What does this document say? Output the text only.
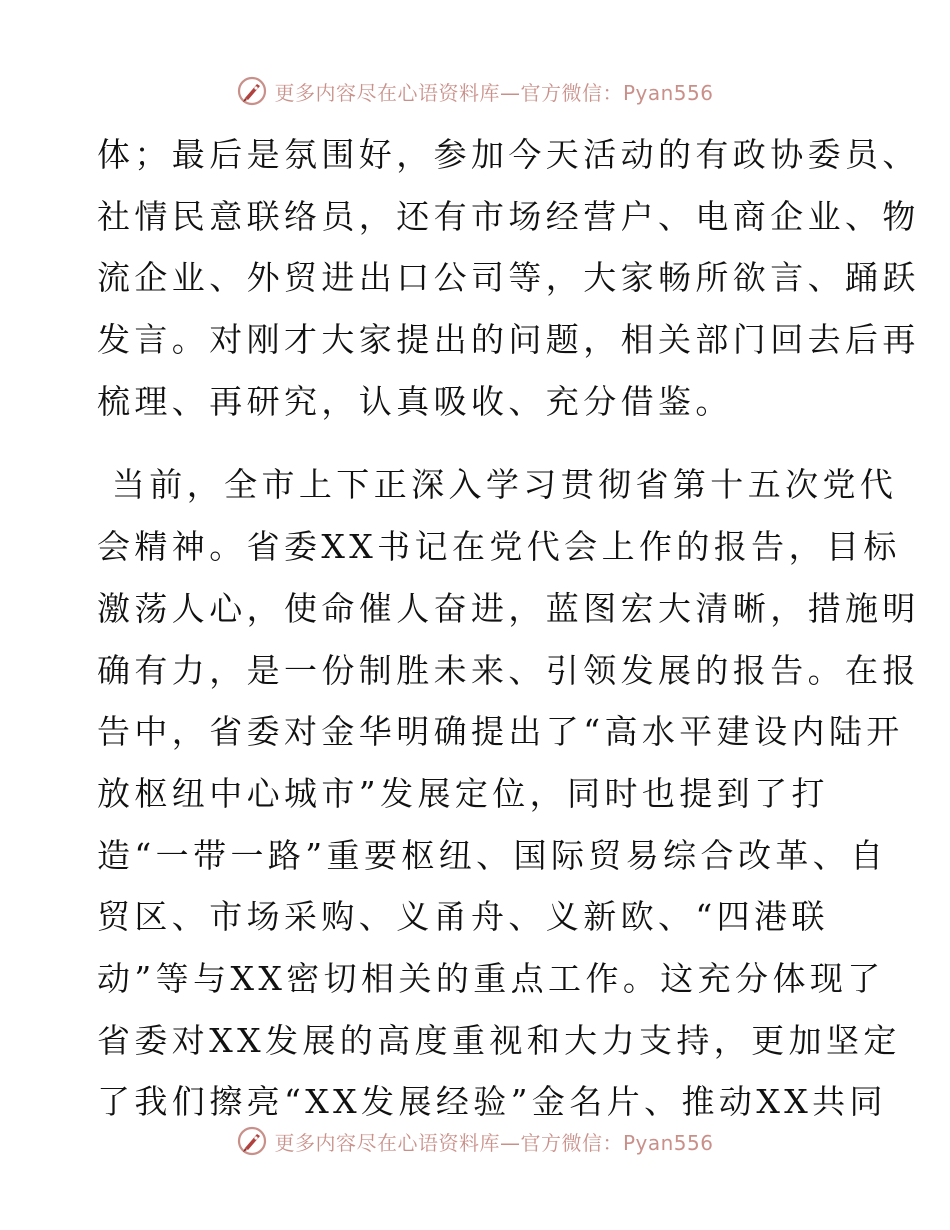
更多内容尽在心语资料库—官方微信：Pyan556
体；最后是氛围好，参加今天活动的有政协委员、
社情民意联络员，还有市场经营户、电商企业、物
流企业、外贸进出口公司等，大家畅所欲言、踊跃
发言。对刚才大家提出的问题，相关部门回去后再
梳理、再研究，认真吸收、充分借鉴。
当前，全市上下正深入学习贯彻省第十五次党代
会精神。省委XX书记在党代会上作的报告，目标
激荡人心，使命催人奋进，蓝图宏大清晰，措施明
确有力，是一份制胜未来、引领发展的报告。在报
告中，省委对金华明确提出了“高水平建设内陆开
放枢纽中心城市”发展定位，同时也提到了打
造“一带一路”重要枢纽、国际贸易综合改革、自
贸区、市场采购、义甬舟、义新欧、“四港联
动”等与XX密切相关的重点工作。这充分体现了
省委对XX发展的高度重视和大力支持，更加坚定
了我们擦亮“XX发展经验”金名片、推动XX共同
更多内容尽在心语资料库—官方微信：Pyan556
